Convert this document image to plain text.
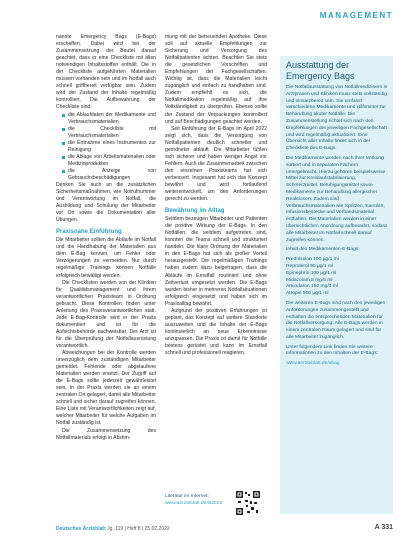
MANAGEMENT

nannte Emergency Bags (E-Bags) erschaffen. Dabei wird bei der Zusammensetzung der Beutel darauf geachtet, dass er eine Checkliste mit allen notwendigen Inhaltsstoffen enthält. Die in der Checkliste aufgeführten Materialien müssen vorhanden sein und im Notfall auch schnell griffbereit verfügbar sein. Zudem wird der Zustand der Inhalte regelmäßig kontrolliert. Die Aufbewahrung der Checkliste sind:

die Ablaufdaten der Medikamente und Verbrauchsmaterialien
die Checkliste mit Verbrauchsmaterialien
die Entnahme eines Instrumentes zur Reinigung
die Ablage von Arbeitsmaterialien oder Medizinprodukten
die Anzeige von Gebrauchsbeschädigungen

Denken Sie auch an die zusätzlichen Sicherheitsmaßnahmen, wie Notrufnummer und Verantwortung im Notfall, die Ausbildung und Schulung der Mitarbeiter vor Ort sowie die Dokumentation aller Übungen.

Praxisnahe Einführung

Die Mitarbeiter sollten die Abläufe im Notfall und die Handhabung der Materialien aus dem E-Bag kennen, um Fehler oder Verzögerungen zu vermeiden. Nur durch regelmäßige Trainings können Notfälle erfolgreich bewältigt werden.

Die Checklisten werden von der Kliniken für Qualitätsmanagement und ihrem verantwortlichen Praxisteam in Ordnung gebracht. Diese Kontrollen finden unter Anleitung des Praxisverantwortlichen statt. Jede E-Bag-Kontrolle wird in der Praxis dokumentiert und ist für die Aufsichtsbehörde nachweisbar. Der Arzt ist für die Überprüfung der Notfallausrüstung verantwortlich.

Abweichungen bei der Kontrolle werden unverzüglich dem zuständigen Mitarbeiter gemeldet. Fehlende oder abgelaufene Materialien werden ersetzt. Der Zugriff auf die E-Bags sollte jederzeit gewährleistet sein. In der Praxis werden sie an einem zentralen Ort gelagert, damit alle Mitarbeiter schnell und sicher darauf zugreifen können. Eine Liste mit Verantwortlichkeiten zeigt auf, welcher Mitarbeiter für welche Aufgaben im Notfall zuständig ist.

Die Zusammensetzung des Notfallmaterials erfolgt in Abstim-

mung mit der betreuenden Apotheke. Diese soll auf aktuelle Empfehlungen zur Sicherung und Versorgung des Notfallpatienten achten. Beachten Sie stets die gesetzlichen Vorschriften und Empfehlungen der Fachgesellschaften. Wichtig ist, dass die Materialien leicht zugänglich und einfach zu handhaben sind. Zudem empfiehlt es sich, die Notfallmedikation regelmäßig auf ihre Vollständigkeit zu überprüfen. Ebenso sollte der Zustand der Verpackungen kontrolliert und auf Beschädigungen geachtet werden.

Seit Einführung der E-Bags im April 2022 zeigt sich, dass die Versorgung von Notfallpatienten deutlich schneller und geordneter abläuft. Die Mitarbeiter fühlen sich sicherer und haben weniger Angst vor Fehlern. Auch die Zusammenarbeit zwischen den einzelnen Praxisteams hat sich verbessert. Insgesamt hat sich das Konzept bewährt und wird fortlaufend weiterentwickelt, um den Anforderungen gerecht zu werden.

Bewährung im Alltag

Seitdem bezeugen Mitarbeiter und Patienten die positive Wirkung der E-Bags. In den Notfällen, die seitdem aufgetreten sind, konnten die Teams schnell und strukturiert handeln. Die klare Ordnung der Materialien in den E-Bags hat sich als großer Vorteil herausgestellt. Die regelmäßigen Trainings haben zudem dazu beigetragen, dass die Abläufe im Ernstfall routiniert und ohne Zeitverlust umgesetzt werden. Die E-Bags wurden bisher in mehreren Notfallsituationen erfolgreich eingesetzt und haben sich im Praxisalltag bewährt.

Aufgrund der positiven Erfahrungen ist geplant, das Konzept auf weitere Standorte auszuweiten und die Inhalte der E-Bags kontinuierlich an neue Erkenntnisse anzupassen. Die Praxis ist damit für Notfälle bestens gerüstet und kann im Ernstfall schnell und professionell reagieren.

Literatur im Internet:
www.aerzteblatt.de/lit2022
Ausstattung der Emergency Bags

Die Notfallausstattung von Notfallmedizinern in Arztpraxen und Kliniken muss stets vollständig und einsatzbereit sein. Sie umfasst verschiedene Medikamente und Hilfsmittel zur Behandlung akuter Notfälle. Die Zusammenstellung richtet sich nach den Empfehlungen der jeweiligen Fachgesellschaft und wird regelmäßig aktualisiert. Eine Übersicht aller Inhalte findet sich in der Checkliste des E-Bags.

Die Medikamente werden nach ihrer Wirkung sortiert und in separaten Fächern untergebracht. Hierzu gehören beispielsweise Mittel zur Kreislaufstabilisierung, Schmerzmittel, Beruhigungsmittel sowie Medikamente zur Behandlung allergischer Reaktionen. Zudem sind Verbrauchsmaterialien wie Spritzen, Kanülen, Infusionsbestecke und Verbandsmaterial enthalten. Die Materialien werden in einer übersichtlichen Anordnung aufbewahrt, sodass alle Mitarbeiter im Notfall schnell darauf zugreifen können.

Inhalt des Medikamenten-E-Bags:

Prednisolon 100 µg/1 ml
Reproterol 90 µg/1 ml
Epinephrin 100 µg/1 ml
Midazolam 5 mg/5 ml
Amiodaron 150 mg/3 ml
Atropin 500 µg/1 ml

Die weiteren E-Bags sind nach den jeweiligen Anforderungen zusammengestellt und enthalten die entsprechenden Materialien für die Notfallversorgung. Alle E-Bags werden in einem zentralen Raum gelagert und sind für alle Mitarbeiter zugänglich.

Unter folgendem Link finden Sie weitere Informationen zu den Inhalten der E-Bags:

www.aerzteblatt.de/ebag

Deutsches Ärzteblatt Jg. 119 | Heft 8 | 25.02.2022	A 331
